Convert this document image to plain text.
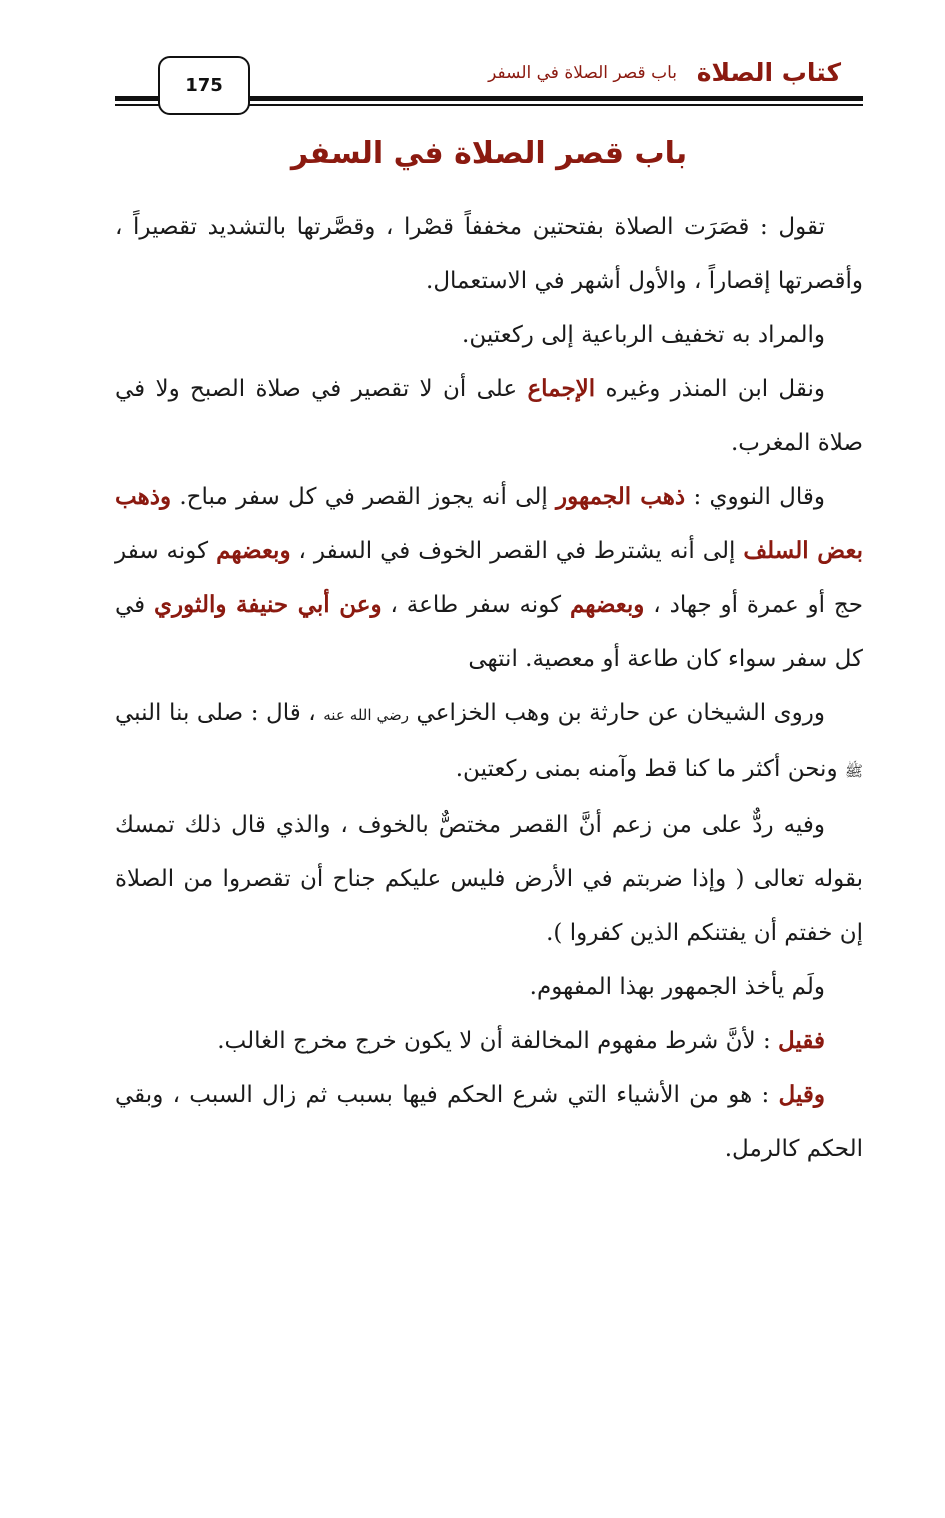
كتاب الصلاة
باب قصر الصلاة في السفر
175
باب قصر الصلاة في السفر

تقول : قصَرَت الصلاة بفتحتين مخففاً قصْرا ، وقصَّرتها بالتشديد تقصيراً ، وأقصرتها إقصاراً ، والأول أشهر في الاستعمال.

والمراد به تخفيف الرباعية إلى ركعتين.

ونقل ابن المنذر وغيره الإجماع على أن لا تقصير في صلاة الصبح ولا في صلاة المغرب.

وقال النووي : ذهب الجمهور إلى أنه يجوز القصر في كل سفر مباح. وذهب بعض السلف إلى أنه يشترط في القصر الخوف في السفر ، وبعضهم كونه سفر حج أو عمرة أو جهاد ، وبعضهم كونه سفر طاعة ، وعن أبي حنيفة والثوري في كل سفر سواء كان طاعة أو معصية. انتهى

وروى الشيخان عن حارثة بن وهب الخزاعي رضي الله عنه ، قال : صلى بنا النبي ﷺ ونحن أكثر ما كنا قط وآمنه بمنى ركعتين.

وفيه ردٌّ على من زعم أنَّ القصر مختصٌّ بالخوف ، والذي قال ذلك تمسك بقوله تعالى ( وإذا ضربتم في الأرض فليس عليكم جناح أن تقصروا من الصلاة إن خفتم أن يفتنكم الذين كفروا ).

ولَم يأخذ الجمهور بهذا المفهوم.

فقيل : لأنَّ شرط مفهوم المخالفة أن لا يكون خرج مخرج الغالب.

وقيل : هو من الأشياء التي شرع الحكم فيها بسبب ثم زال السبب ، وبقي الحكم كالرمل.
